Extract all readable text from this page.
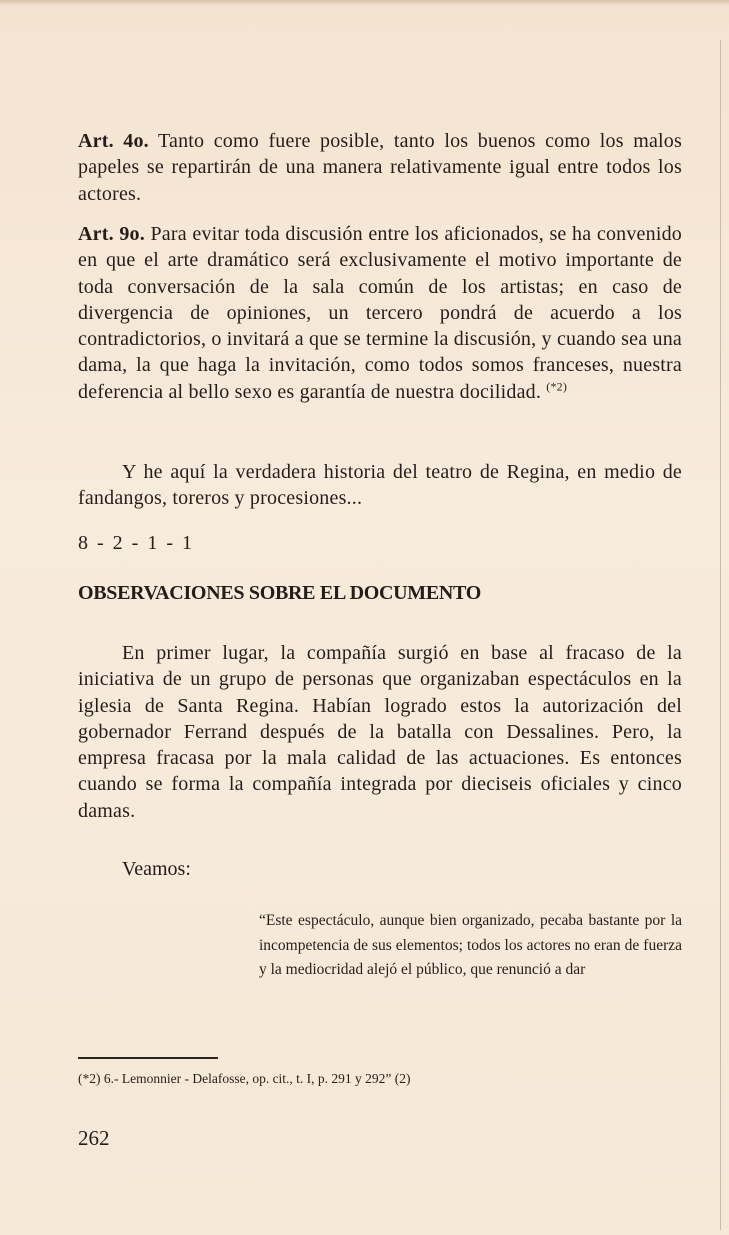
Art. 4o. Tanto como fuere posible, tanto los buenos como los malos papeles se repartirán de una manera relativamente igual entre todos los actores.

Art. 9o. Para evitar toda discusión entre los aficionados, se ha convenido en que el arte dramático será exclusivamente el motivo importante de toda conversación de la sala común de los artistas; en caso de divergencia de opiniones, un tercero pondrá de acuerdo a los contradictorios, o invitará a que se termine la discusión, y cuando sea una dama, la que haga la invitación, como todos somos franceses, nuestra deferencia al bello sexo es garantía de nuestra docilidad. $^{(*2)}$

Y he aquí la verdadera historia del teatro de Regina, en medio de fandangos, toreros y procesiones...

8 - 2 - 1 - 1

OBSERVACIONES SOBRE EL DOCUMENTO

En primer lugar, la compañía surgió en base al fracaso de la iniciativa de un grupo de personas que organizaban espectáculos en la iglesia de Santa Regina. Habían logrado estos la autorización del gobernador Ferrand después de la batalla con Dessalines. Pero, la empresa fracasa por la mala calidad de las actuaciones. Es entonces cuando se forma la compañía integrada por dieciseis oficiales y cinco damas.

Veamos:

“Este espectáculo, aunque bien organizado, pecaba bastante por la incompetencia de sus elementos; todos los actores no eran de fuerza y la mediocridad alejó el público, que renunció a dar

(*2) 6.- Lemonnier - Delafosse, op. cit., t. I, p. 291 y 292” (2)

262
